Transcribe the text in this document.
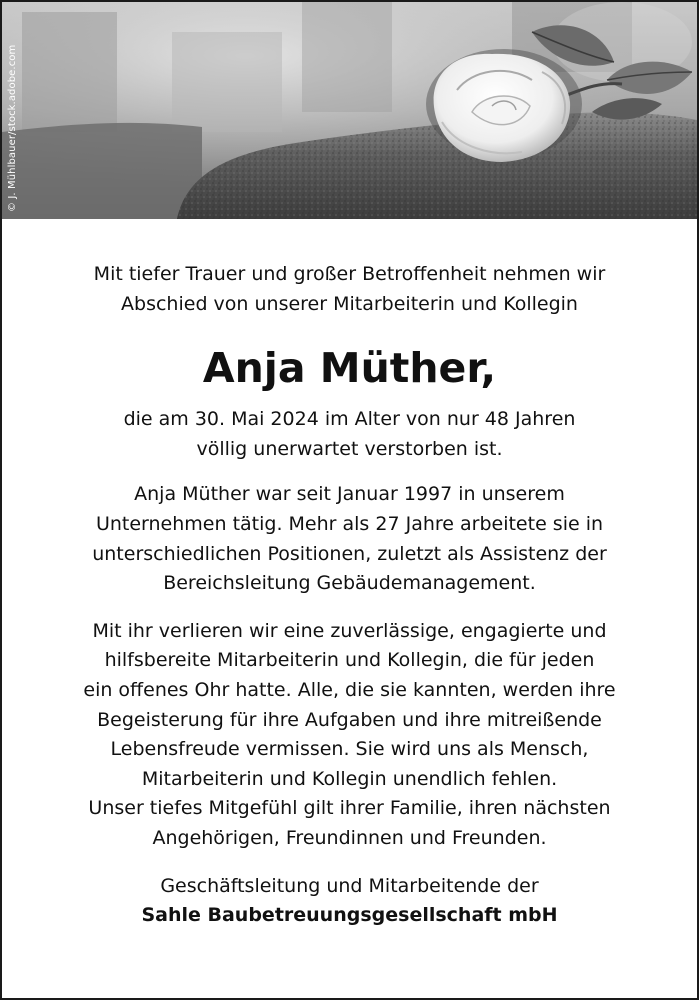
© J. Mühlbauer/stock.adobe.com

Mit tiefer Trauer und großer Betroffenheit nehmen wir
Abschied von unserer Mitarbeiterin und Kollegin

Anja Müther,

die am 30. Mai 2024 im Alter von nur 48 Jahren
völlig unerwartet verstorben ist.

Anja Müther war seit Januar 1997 in unserem
Unternehmen tätig. Mehr als 27 Jahre arbeitete sie in
unterschiedlichen Positionen, zuletzt als Assistenz der
Bereichsleitung Gebäudemanagement.

Mit ihr verlieren wir eine zuverlässige, engagierte und
hilfsbereite Mitarbeiterin und Kollegin, die für jeden
ein offenes Ohr hatte. Alle, die sie kannten, werden ihre
Begeisterung für ihre Aufgaben und ihre mitreißende
Lebensfreude vermissen. Sie wird uns als Mensch,
Mitarbeiterin und Kollegin unendlich fehlen.
Unser tiefes Mitgefühl gilt ihrer Familie, ihren nächsten
Angehörigen, Freundinnen und Freunden.

Geschäftsleitung und Mitarbeitende der
Sahle Baubetreuungsgesellschaft mbH
